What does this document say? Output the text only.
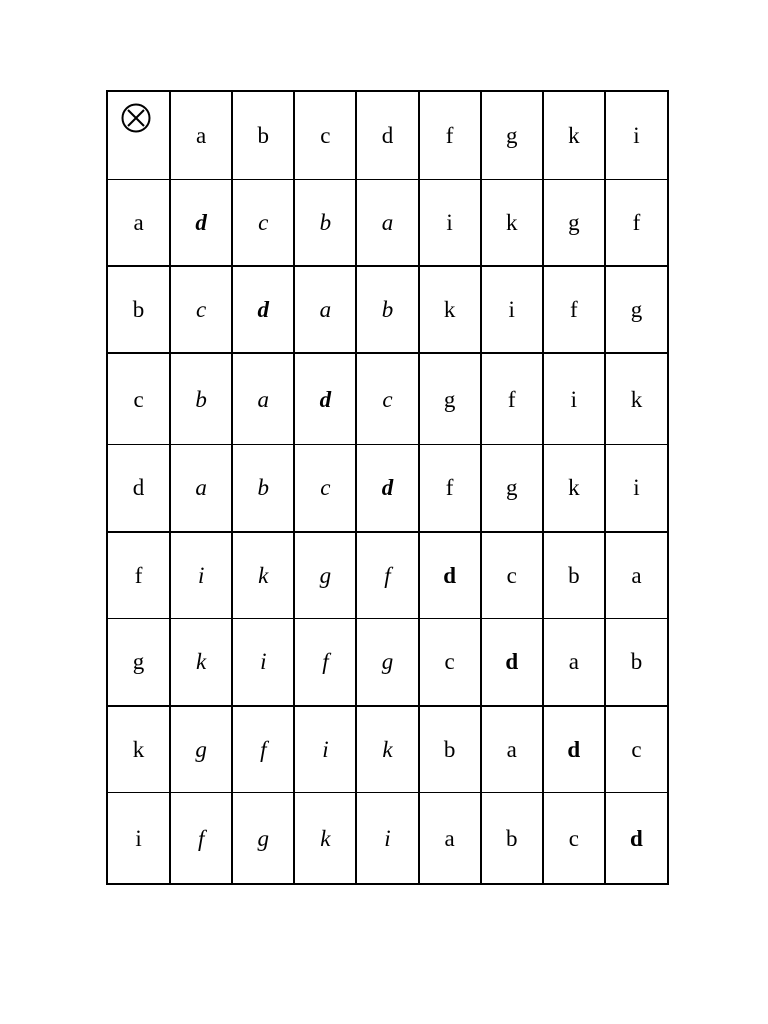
	a	b	c	d	f	g	k	i
a	d	c	b	a	i	k	g	f
b	c	d	a	b	k	i	f	g
c	b	a	d	c	g	f	i	k
d	a	b	c	d	f	g	k	i
f	i	k	g	f	d	c	b	a
g	k	i	f	g	c	d	a	b
k	g	f	i	k	b	a	d	c
i	f	g	k	i	a	b	c	d
